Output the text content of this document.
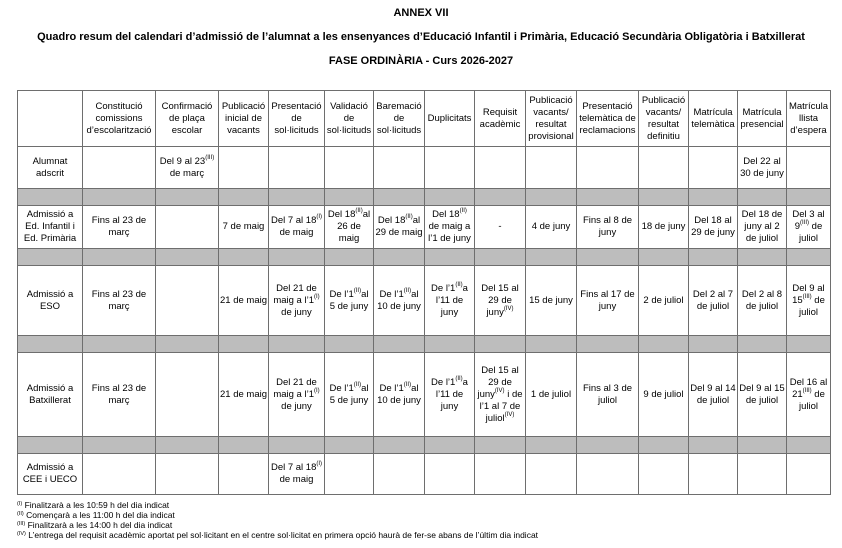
ANNEX VII
Quadro resum del calendari d’admissió de l’alumnat a les ensenyances d’Educació Infantil i Primària, Educació Secundària Obligatòria i Batxillerat
FASE ORDINÀRIA - Curs 2026-2027
	Constitució comissions d’escolarització	Confirmació de plaça escolar	Publicació inicial de vacants	Presentació de sol·licituds	Validació de sol·licituds	Baremació de sol·licituds	Duplicitats	Requisit acadèmic	Publicació vacants/ resultat provisional	Presentació telemàtica de reclamacions	Publicació vacants/ resultat definitiu	Matrícula telemàtica	Matrícula presencial	Matrícula llista d’espera
Alumnat adscrit		Del 9 al $23^{(III)}$ de març											Del 22 al 30 de juny	

Admissió a Ed. Infantil i Ed. Primària	Fins al 23 de març		7 de maig	Del 7 al $18^{(I)}$ de maig	Del $18^{(II)}al$ 26 de maig	Del $18^{(II)}al$ 29 de maig	Del $18^{(II)}$ de maig a l’1 de juny	-	4 de juny	Fins al 8 de juny	18 de juny	Del 18 al 29 de juny	Del 18 de juny al 2 de juliol	Del 3 al $9^{(III)}$ de juliol

Admissió a ESO	Fins al 23 de març		21 de maig	Del 21 de maig a $l’1^{(I)}$ de juny	De $l’1^{(II)}al$ 5 de juny	De $l’1^{(II)}al$ 10 de juny	De $l’1^{(II)}a$ l’11 de juny	Del 15 al 29 de juny$^{(IV)}$	15 de juny	Fins al 17 de juny	2 de juliol	Del 2 al 7 de juliol	Del 2 al 8 de juliol	Del 9 al $15^{(III)}$ de juliol

Admissió a Batxillerat	Fins al 23 de març		21 de maig	Del 21 de maig a $l’1^{(I)}$ de juny	De $l’1^{(II)}al$ 5 de juny	De $l’1^{(II)}al$ 10 de juny	De $l’1^{(II)}a$ l’11 de juny	Del 15 al 29 de juny$^{(IV)}$ i de l’1 al 7 de juliol$^{(IV)}$	1 de juliol	Fins al 3 de juliol	9 de juliol	Del 9 al 14 de juliol	Del 9 al 15 de juliol	Del 16 al $21^{(III)}$ de juliol

Admissió a CEE i UECO				Del 7 al $18^{(I)}$ de maig										
$^{(I)}$ Finalitzarà a les 10:59 h del dia indicat
$^{(II)}$ Començarà a les 11:00 h del dia indicat
$^{(III)}$ Finalitzarà a les 14:00 h del dia indicat
$^{(IV)}$ L’entrega del requisit acadèmic aportat pel sol·licitant en el centre sol·licitat en primera opció haurà de fer-se abans de l’últim dia indicat
